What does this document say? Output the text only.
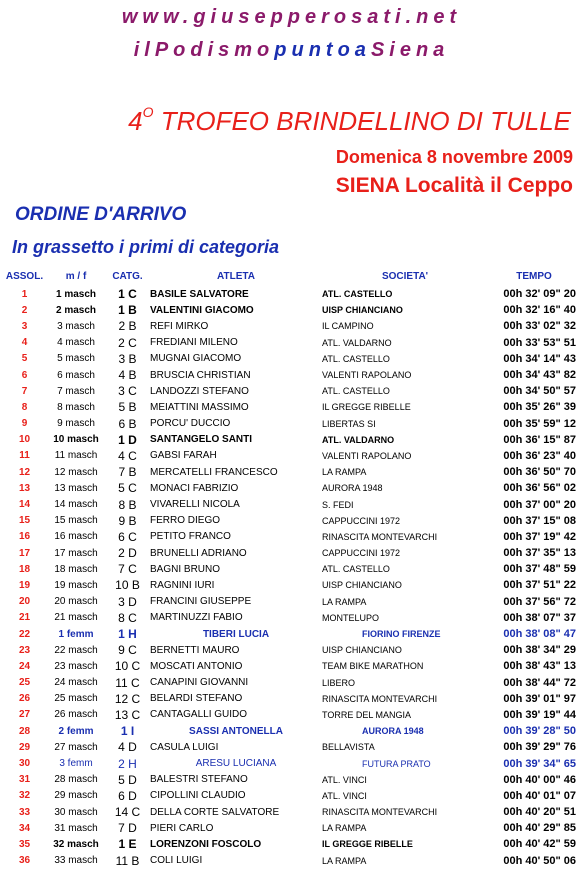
www.giusepperosati.net
ilPodismopuntoaSiena
$4^O$ TROFEO BRINDELLINO DI TULLE
Domenica 8 novembre 2009
SIENA Località il Ceppo
ORDINE D'ARRIVO
In grassetto i primi di categoria
ASSOL.	m / f	CATG.	ATLETA	SOCIETA'	TEMPO
1	1 masch	1 C	BASILE SALVATORE	ATL. CASTELLO	00h 32' 09" 20
2	2 masch	1 B	VALENTINI GIACOMO	UISP CHIANCIANO	00h 32' 16" 40
3	3 masch	2 B	REFI MIRKO	IL CAMPINO	00h 33' 02" 32
4	4 masch	2 C	FREDIANI MILENO	ATL. VALDARNO	00h 33' 53" 51
5	5 masch	3 B	MUGNAI GIACOMO	ATL. CASTELLO	00h 34' 14" 43
6	6 masch	4 B	BRUSCIA CHRISTIAN	VALENTI RAPOLANO	00h 34' 43" 82
7	7 masch	3 C	LANDOZZI STEFANO	ATL. CASTELLO	00h 34' 50" 57
8	8 masch	5 B	MEIATTINI MASSIMO	IL GREGGE RIBELLE	00h 35' 26" 39
9	9 masch	6 B	PORCU' DUCCIO	LIBERTAS SI	00h 35' 59" 12
10	10 masch	1 D	SANTANGELO SANTI	ATL. VALDARNO	00h 36' 15" 87
11	11 masch	4 C	GABSI FARAH	VALENTI RAPOLANO	00h 36' 23" 40
12	12 masch	7 B	MERCATELLI FRANCESCO	LA RAMPA	00h 36' 50" 70
13	13 masch	5 C	MONACI FABRIZIO	AURORA 1948	00h 36' 56" 02
14	14 masch	8 B	VIVARELLI NICOLA	S. FEDI	00h 37' 00" 20
15	15 masch	9 B	FERRO DIEGO	CAPPUCCINI 1972	00h 37' 15" 08
16	16 masch	6 C	PETITO FRANCO	RINASCITA MONTEVARCHI	00h 37' 19" 42
17	17 masch	2 D	BRUNELLI ADRIANO	CAPPUCCINI 1972	00h 37' 35" 13
18	18 masch	7 C	BAGNI BRUNO	ATL. CASTELLO	00h 37' 48" 59
19	19 masch	10 B	RAGNINI IURI	UISP CHIANCIANO	00h 37' 51" 22
20	20 masch	3 D	FRANCINI GIUSEPPE	LA RAMPA	00h 37' 56" 72
21	21 masch	8 C	MARTINUZZI FABIO	MONTELUPO	00h 38' 07" 37
22	1 femm	1 H	TIBERI LUCIA	FIORINO FIRENZE	00h 38' 08" 47
23	22 masch	9 C	BERNETTI MAURO	UISP CHIANCIANO	00h 38' 34" 29
24	23 masch	10 C	MOSCATI ANTONIO	TEAM BIKE MARATHON	00h 38' 43" 13
25	24 masch	11 C	CANAPINI GIOVANNI	LIBERO	00h 38' 44" 72
26	25 masch	12 C	BELARDI STEFANO	RINASCITA MONTEVARCHI	00h 39' 01" 97
27	26 masch	13 C	CANTAGALLI GUIDO	TORRE DEL MANGIA	00h 39' 19" 44
28	2 femm	1 I	SASSI ANTONELLA	AURORA 1948	00h 39' 28" 50
29	27 masch	4 D	CASULA LUIGI	BELLAVISTA	00h 39' 29" 76
30	3 femm	2 H	ARESU LUCIANA	FUTURA PRATO	00h 39' 34" 65
31	28 masch	5 D	BALESTRI STEFANO	ATL. VINCI	00h 40' 00" 46
32	29 masch	6 D	CIPOLLINI CLAUDIO	ATL. VINCI	00h 40' 01" 07
33	30 masch	14 C	DELLA CORTE SALVATORE	RINASCITA MONTEVARCHI	00h 40' 20" 51
34	31 masch	7 D	PIERI CARLO	LA RAMPA	00h 40' 29" 85
35	32 masch	1 E	LORENZONI FOSCOLO	IL GREGGE RIBELLE	00h 40' 42" 59
36	33 masch	11 B	COLI LUIGI	LA RAMPA	00h 40' 50" 06
